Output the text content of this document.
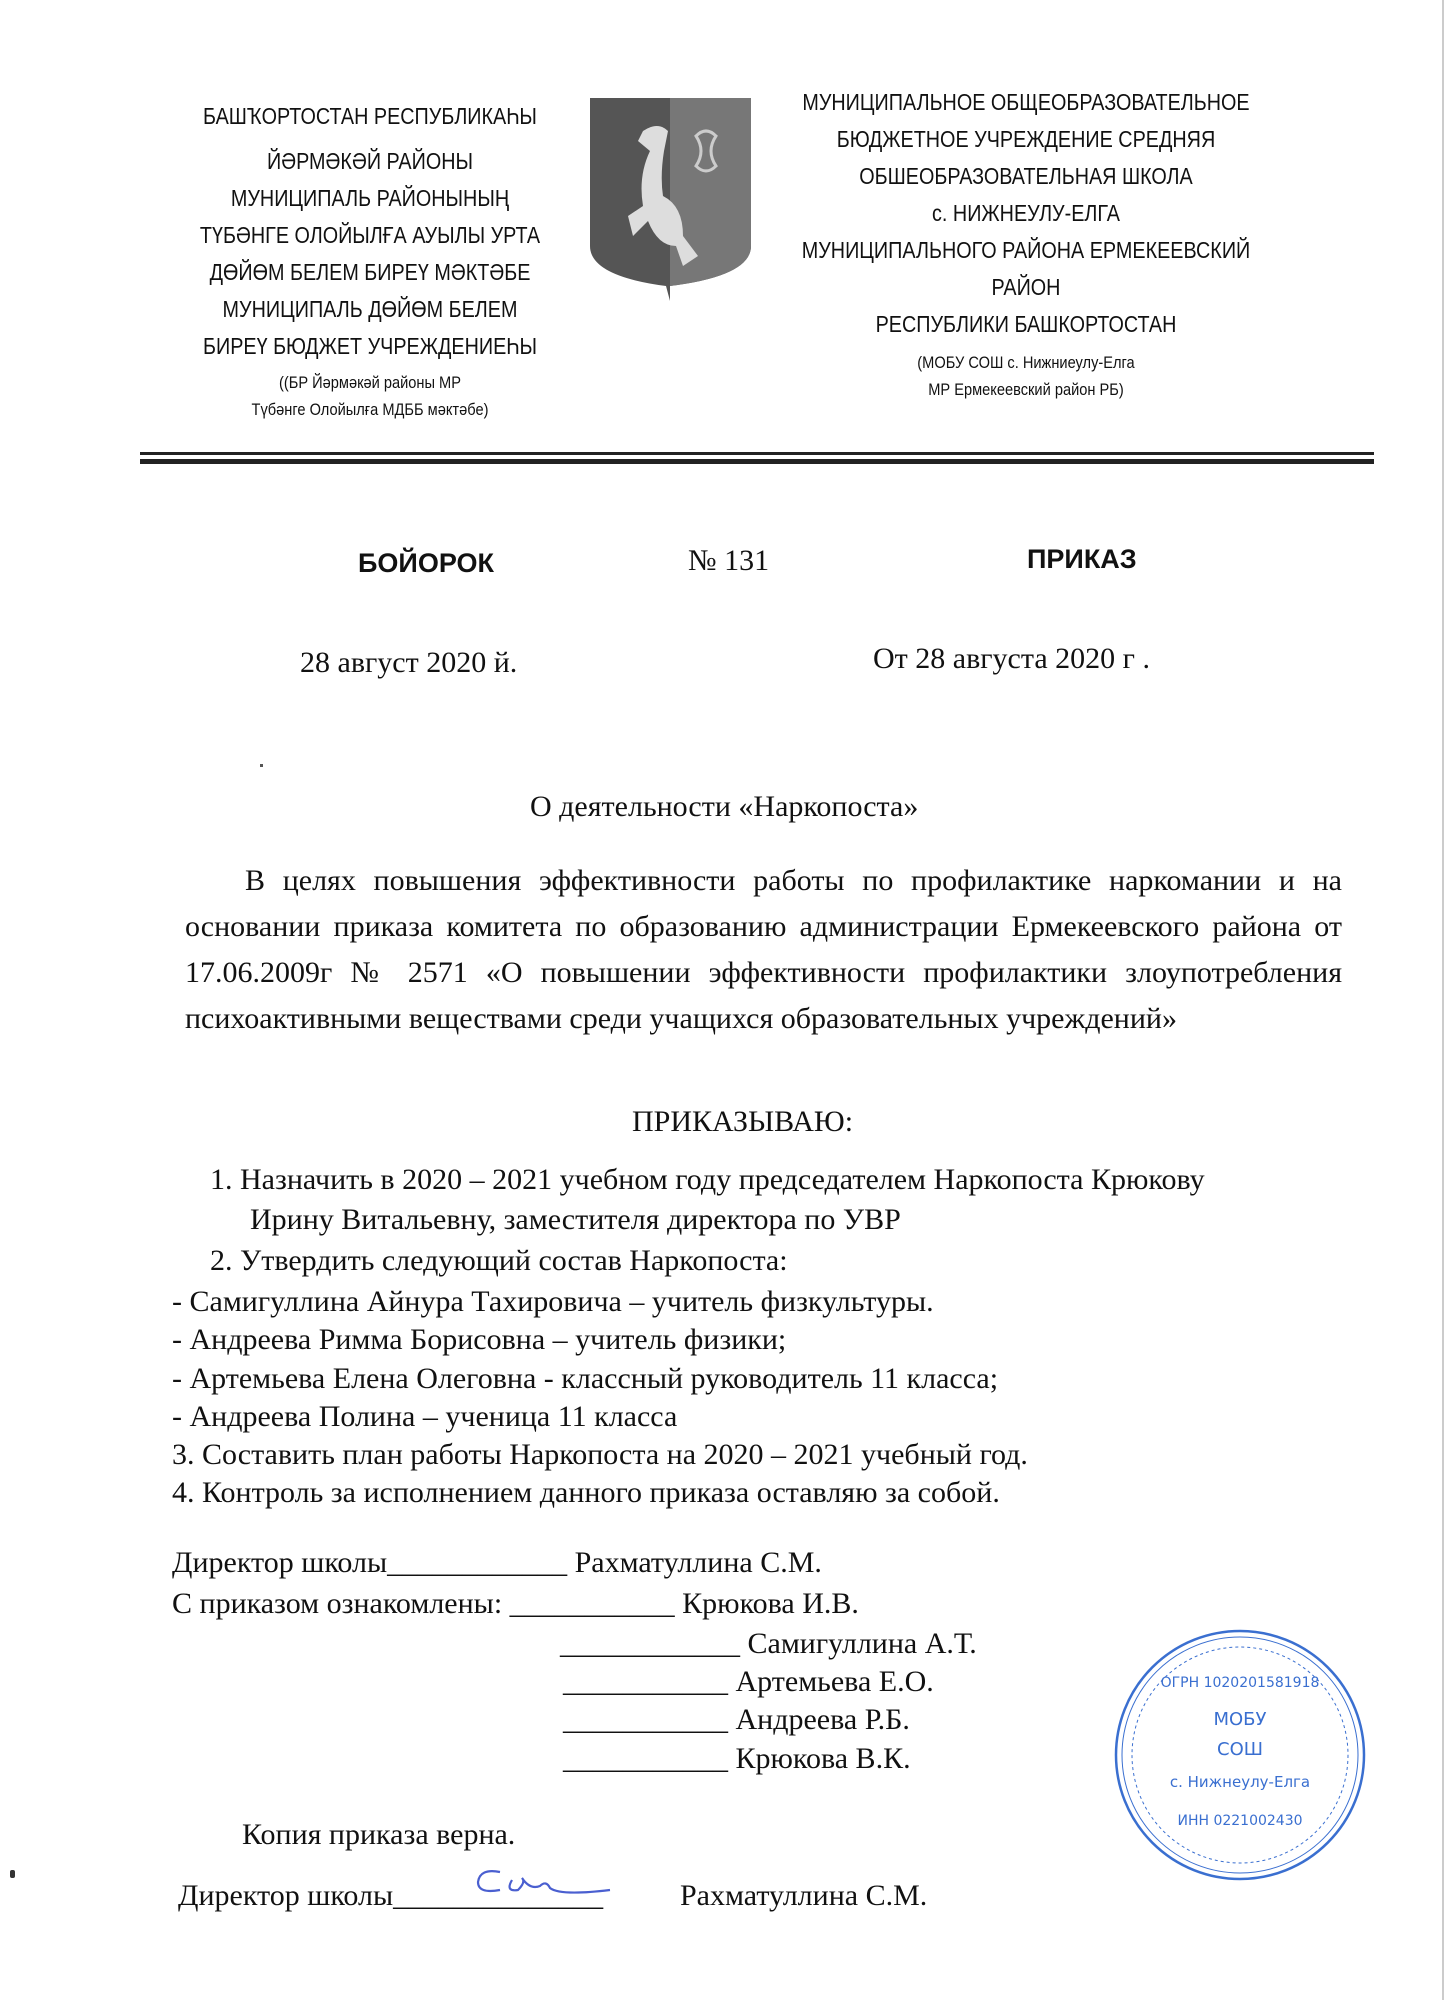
БАШҠОРТОСТАН РЕСПУБЛИКАҺЫ
ЙӘРМӘКӘЙ РАЙОНЫ
МУНИЦИПАЛЬ РАЙОНЫНЫҢ
ТҮБӘНГЕ ОЛОЙЫЛҒА АУЫЛЫ УРТА
ДӨЙӨМ БЕЛЕМ БИРЕҮ МӘКТӘБЕ
МУНИЦИПАЛЬ ДӨЙӨМ БЕЛЕМ
БИРЕҮ БЮДЖЕТ УЧРЕЖДЕНИЕҺЫ
((БР Йәрмәкәй районы МР
Түбәнге Олойылға МДББ мәктәбе)
МУНИЦИПАЛЬНОЕ ОБЩЕОБРАЗОВАТЕЛЬНОЕ
БЮДЖЕТНОЕ УЧРЕЖДЕНИЕ СРЕДНЯЯ
ОБШЕОБРАЗОВАТЕЛЬНАЯ ШКОЛА
с. НИЖНЕУЛУ-ЕЛГА
МУНИЦИПАЛЬНОГО РАЙОНА ЕРМЕКЕЕВСКИЙ
РАЙОН
РЕСПУБЛИКИ БАШКОРТОСТАН
(МОБУ СОШ с. Нижниеулу-Елга
МР Ермекеевский район РБ)
БОЙОРОК	№ 131	ПРИКАЗ
28 август 2020 й.	От 28 августа 2020 г .
О деятельности «Наркопоста»
В целях повышения эффективности работы по профилактике наркомании и на основании приказа комитета по образованию администрации Ермекеевского района от 17.06.2009г № 2571 «О повышении эффективности профилактики злоупотребления психоактивными веществами среди учащихся образовательных учреждений»
ПРИКАЗЫВАЮ:
1. Назначить в 2020 – 2021 учебном году председателем Наркопоста Крюкову
Ирину Витальевну, заместителя директора по УВР
2. Утвердить следующий состав Наркопоста:
- Самигуллина Айнура Тахировича – учитель физкультуры.
- Андреева Римма Борисовна – учитель физики;
- Артемьева Елена Олеговна - классный руководитель 11 класса;
- Андреева Полина – ученица 11 класса
3. Составить план работы Наркопоста на 2020 – 2021 учебный год.
4. Контроль за исполнением данного приказа оставляю за собой.
Директор школы____________ Рахматуллина С.М.
С приказом ознакомлены: ___________ Крюкова И.В.
____________ Самигуллина А.Т.
___________ Артемьева Е.О.
___________ Андреева Р.Б.
___________ Крюкова В.К.
Копия приказа верна.
Директор школы______________	Рахматуллина С.М.
ОГРН 1020201581918
МОБУ
СОШ
с. Нижнеулу-Елга
ИНН 0221002430
